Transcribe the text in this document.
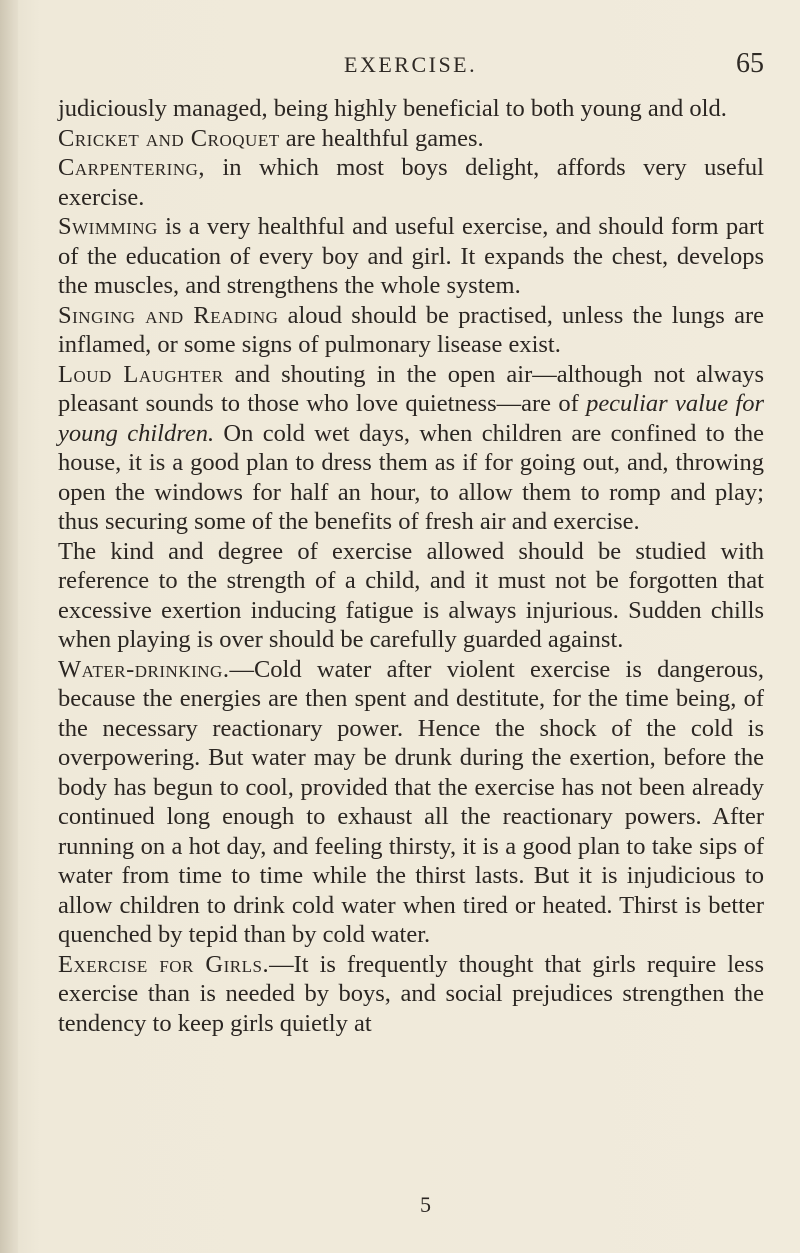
EXERCISE.	65

judiciously managed, being highly beneficial to both young and old.

Cricket and Croquet are healthful games.

Carpentering, in which most boys delight, affords very useful exercise.

Swimming is a very healthful and useful exercise, and should form part of the education of every boy and girl. It expands the chest, develops the muscles, and strengthens the whole system.

Singing and Reading aloud should be practised, unless the lungs are inflamed, or some signs of pulmonary lisease exist.

Loud Laughter and shouting in the open air—although not always pleasant sounds to those who love quietness—are of peculiar value for young children. On cold wet days, when children are confined to the house, it is a good plan to dress them as if for going out, and, throwing open the windows for half an hour, to allow them to romp and play; thus securing some of the benefits of fresh air and exercise.

The kind and degree of exercise allowed should be studied with reference to the strength of a child, and it must not be forgotten that excessive exertion inducing fatigue is always injurious. Sudden chills when playing is over should be carefully guarded against.

Water-drinking.—Cold water after violent exercise is dangerous, because the energies are then spent and destitute, for the time being, of the necessary reactionary power. Hence the shock of the cold is overpowering. But water may be drunk during the exertion, before the body has begun to cool, provided that the exercise has not been already continued long enough to exhaust all the reactionary powers. After running on a hot day, and feeling thirsty, it is a good plan to take sips of water from time to time while the thirst lasts. But it is injudicious to allow children to drink cold water when tired or heated. Thirst is better quenched by tepid than by cold water.

Exercise for Girls.—It is frequently thought that girls require less exercise than is needed by boys, and social prejudices strengthen the tendency to keep girls quietly at

5
